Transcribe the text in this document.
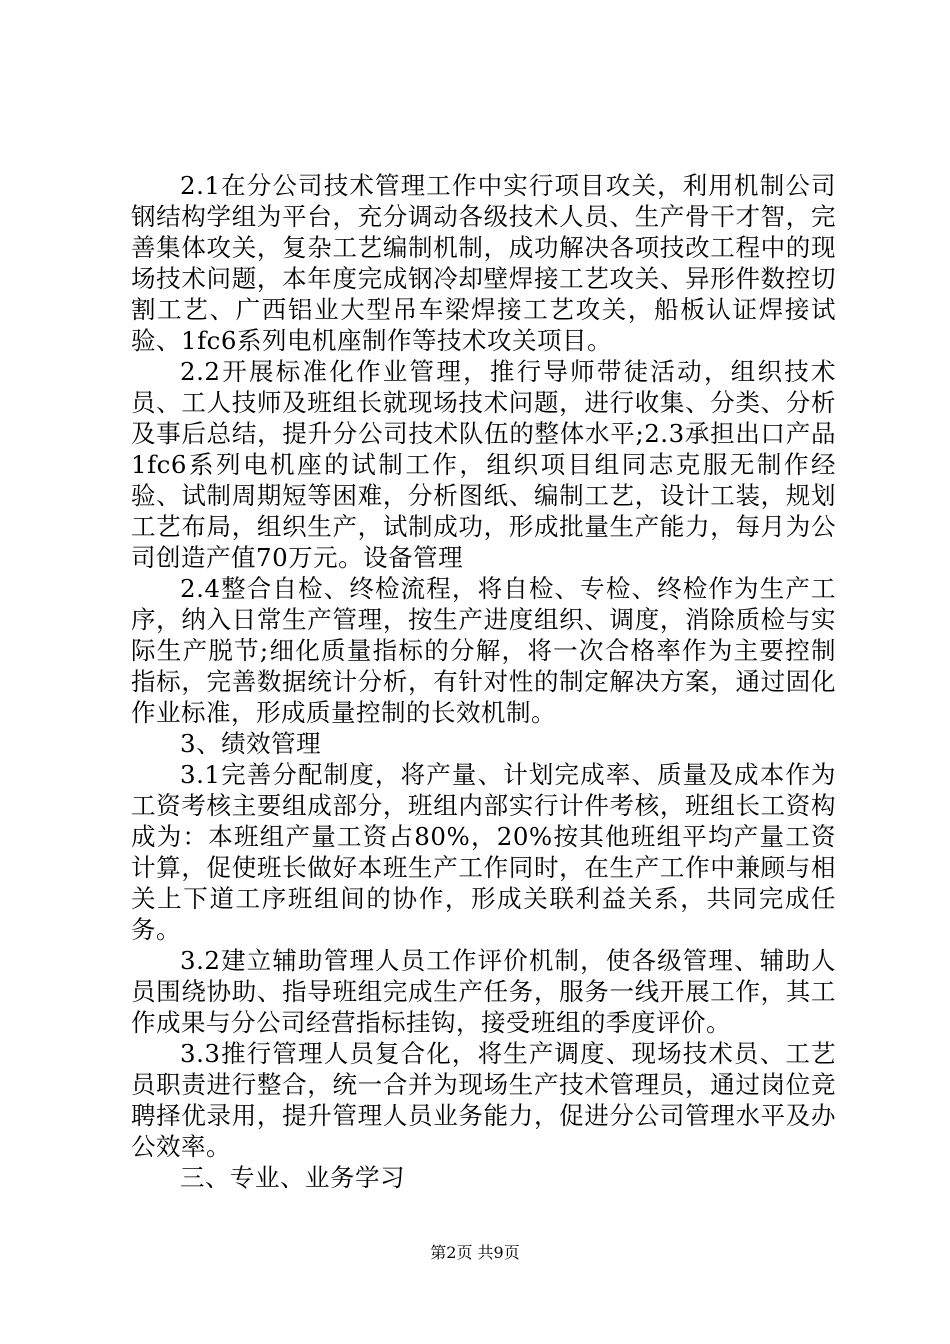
2.1在分公司技术管理工作中实行项目攻关，利用机制公司钢结构学组为平台，充分调动各级技术人员、生产骨干才智，完善集体攻关，复杂工艺编制机制，成功解决各项技改工程中的现场技术问题，本年度完成钢冷却壁焊接工艺攻关、异形件数控切割工艺、广西铝业大型吊车梁焊接工艺攻关，船板认证焊接试验、1fc6系列电机座制作等技术攻关项目。

2.2开展标准化作业管理，推行导师带徒活动，组织技术员、工人技师及班组长就现场技术问题，进行收集、分类、分析及事后总结，提升分公司技术队伍的整体水平;2.3承担出口产品1fc6系列电机座的试制工作，组织项目组同志克服无制作经验、试制周期短等困难，分析图纸、编制工艺，设计工装，规划工艺布局，组织生产，试制成功，形成批量生产能力，每月为公司创造产值70万元。设备管理

2.4整合自检、终检流程，将自检、专检、终检作为生产工序，纳入日常生产管理，按生产进度组织、调度，消除质检与实际生产脱节;细化质量指标的分解，将一次合格率作为主要控制指标，完善数据统计分析，有针对性的制定解决方案，通过固化作业标准，形成质量控制的长效机制。

3、绩效管理

3.1完善分配制度，将产量、计划完成率、质量及成本作为工资考核主要组成部分，班组内部实行计件考核，班组长工资构成为：本班组产量工资占80%，20%按其他班组平均产量工资计算，促使班长做好本班生产工作同时，在生产工作中兼顾与相关上下道工序班组间的协作，形成关联利益关系，共同完成任务。

3.2建立辅助管理人员工作评价机制，使各级管理、辅助人员围绕协助、指导班组完成生产任务，服务一线开展工作，其工作成果与分公司经营指标挂钩，接受班组的季度评价。

3.3推行管理人员复合化，将生产调度、现场技术员、工艺员职责进行整合，统一合并为现场生产技术管理员，通过岗位竞聘择优录用，提升管理人员业务能力，促进分公司管理水平及办公效率。

三、专业、业务学习

第2页 共9页
